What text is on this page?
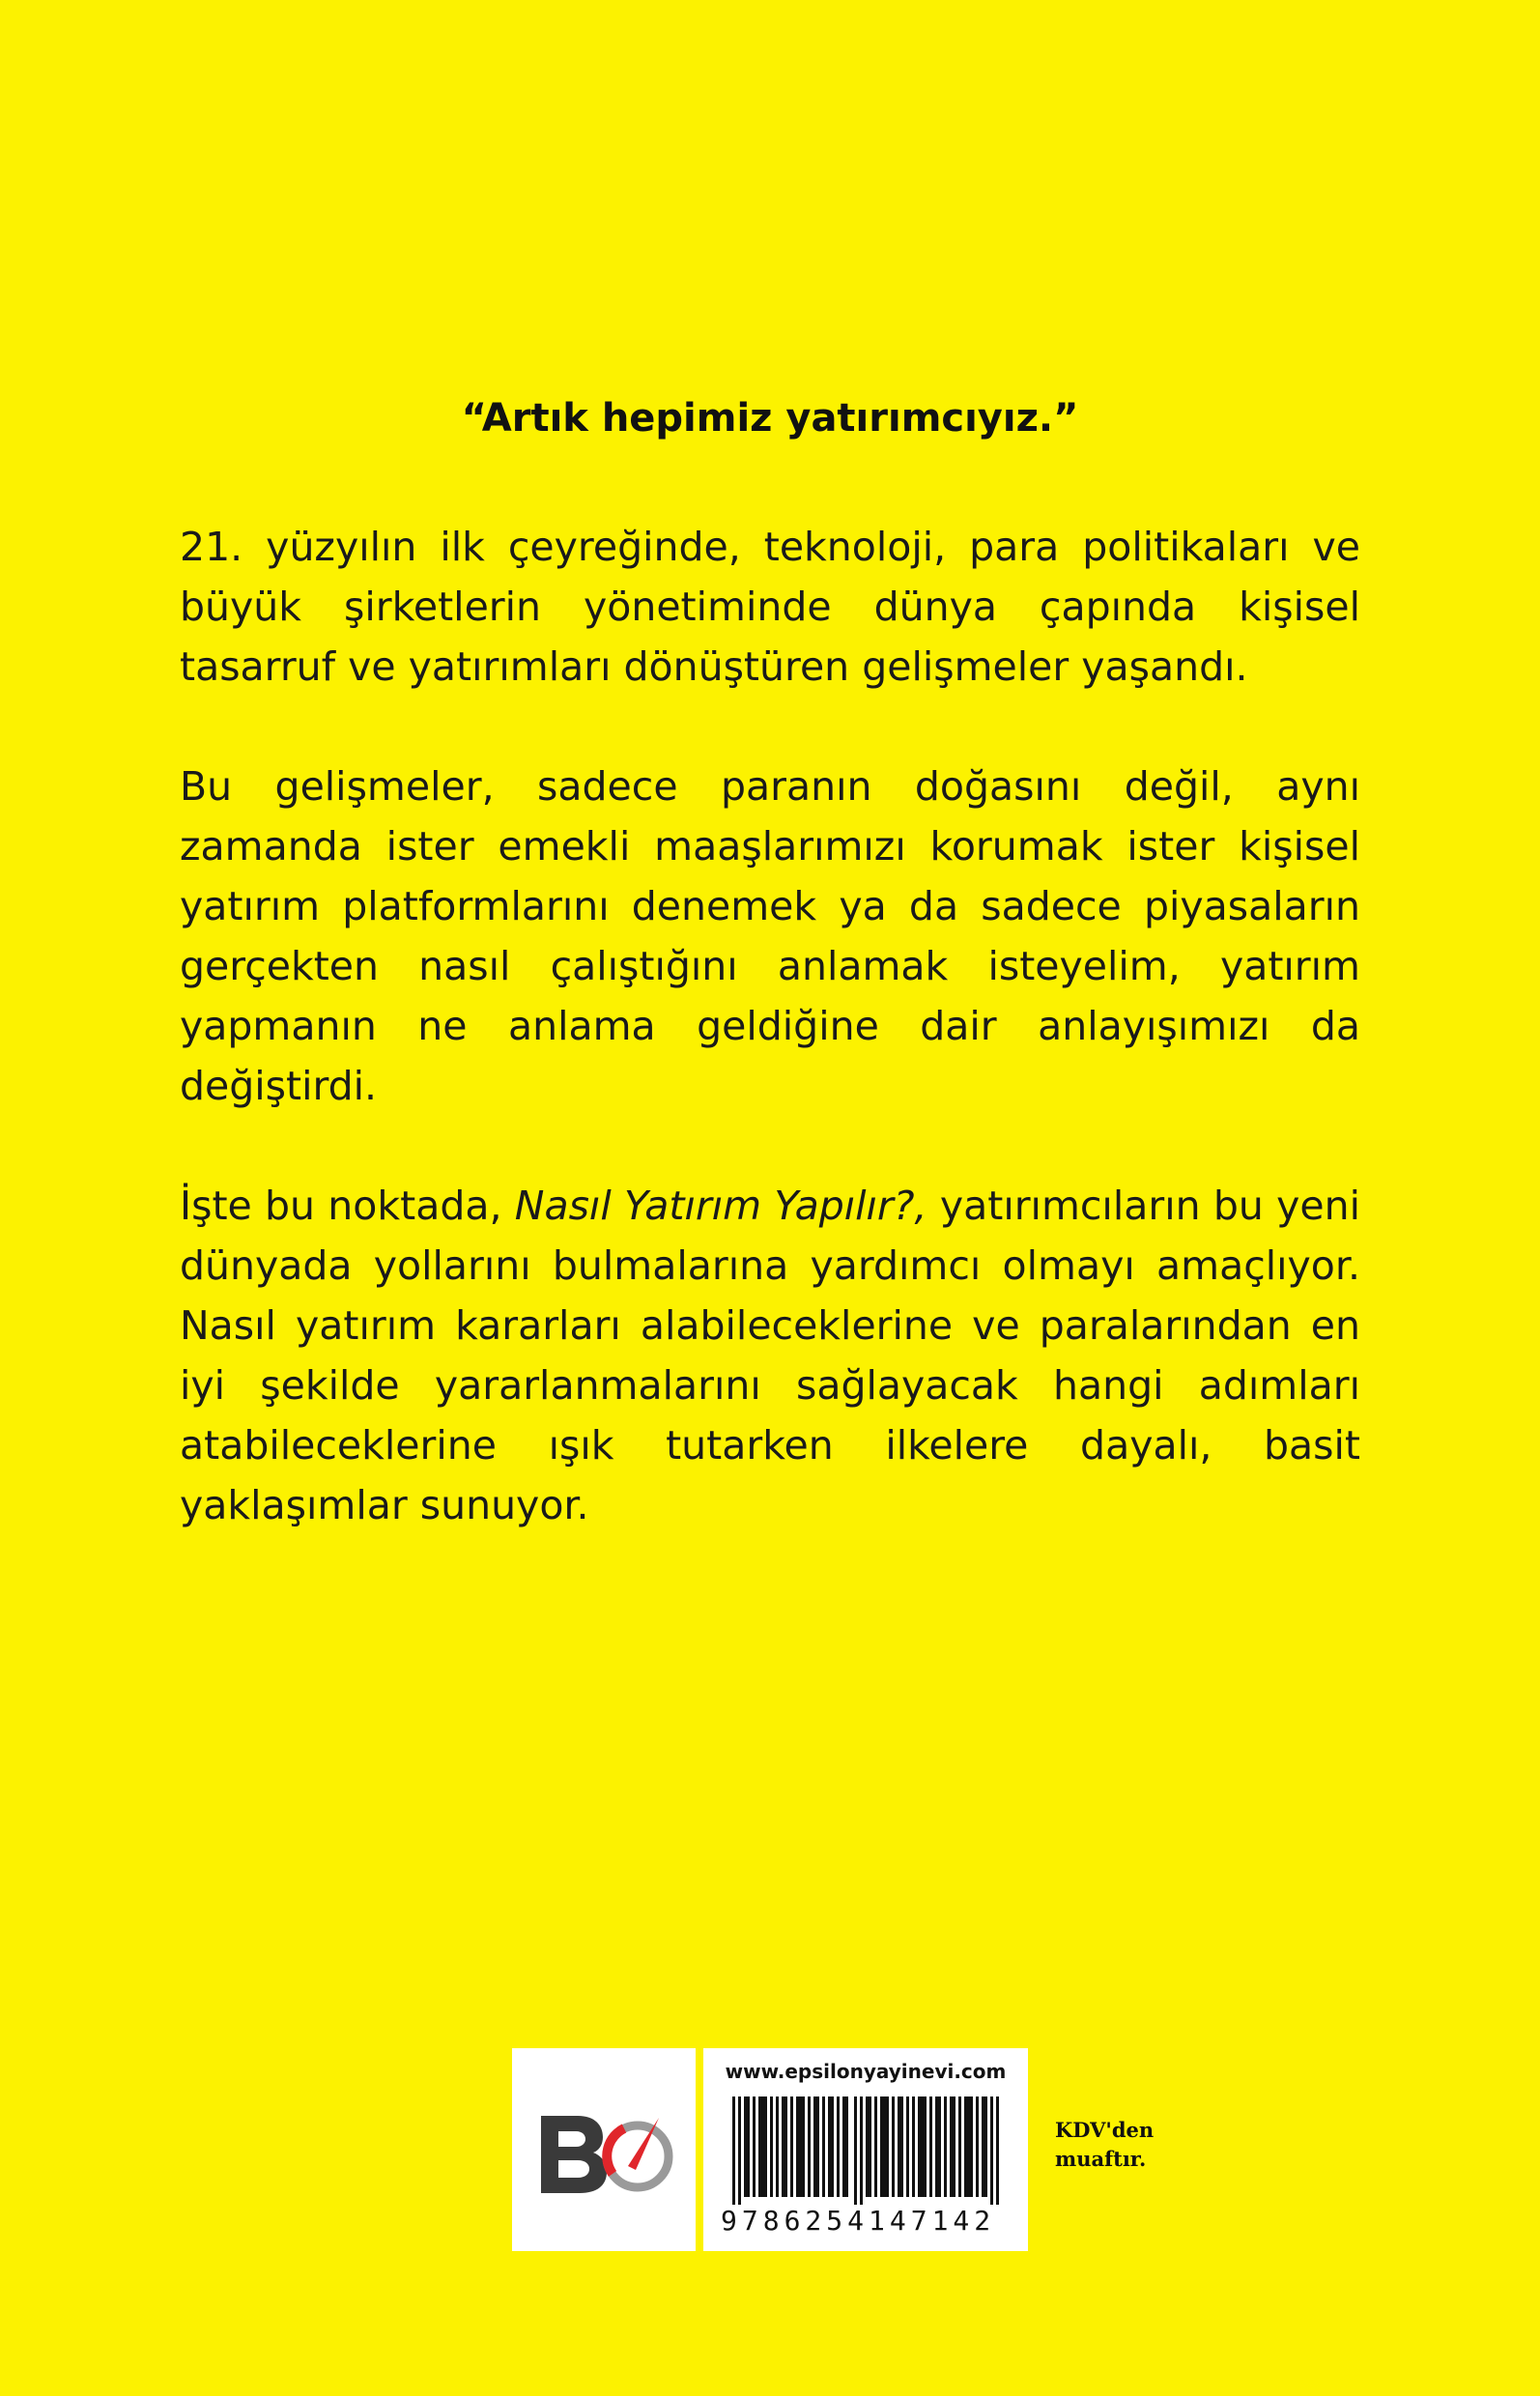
“Artık hepimiz yatırımcıyız.”

21. yüzyılın ilk çeyreğinde, teknoloji, para politikaları ve büyük şirketlerin yönetiminde dünya çapında kişisel tasarruf ve yatırımları dönüştüren gelişmeler yaşandı.

Bu gelişmeler, sadece paranın doğasını değil, aynı zamanda ister emekli maaşlarımızı korumak ister kişisel yatırım platformlarını denemek ya da sadece piyasaların gerçekten nasıl çalıştığını anlamak isteyelim, yatırım yapmanın ne anlama geldiğine dair anlayışımızı da değiştirdi.

İşte bu noktada, Nasıl Yatırım Yapılır?, yatırımcıların bu yeni dünyada yollarını bulmalarına yardımcı olmayı amaçlıyor. Nasıl yatırım kararları alabileceklerine ve paralarından en iyi şekilde yararlanmalarını sağlayacak hangi adımları atabileceklerine ışık tutarken ilkelere dayalı, basit yaklaşımlar sunuyor.

www.epsilonyayinevi.com
9786254147142
KDV'den muaftır.
